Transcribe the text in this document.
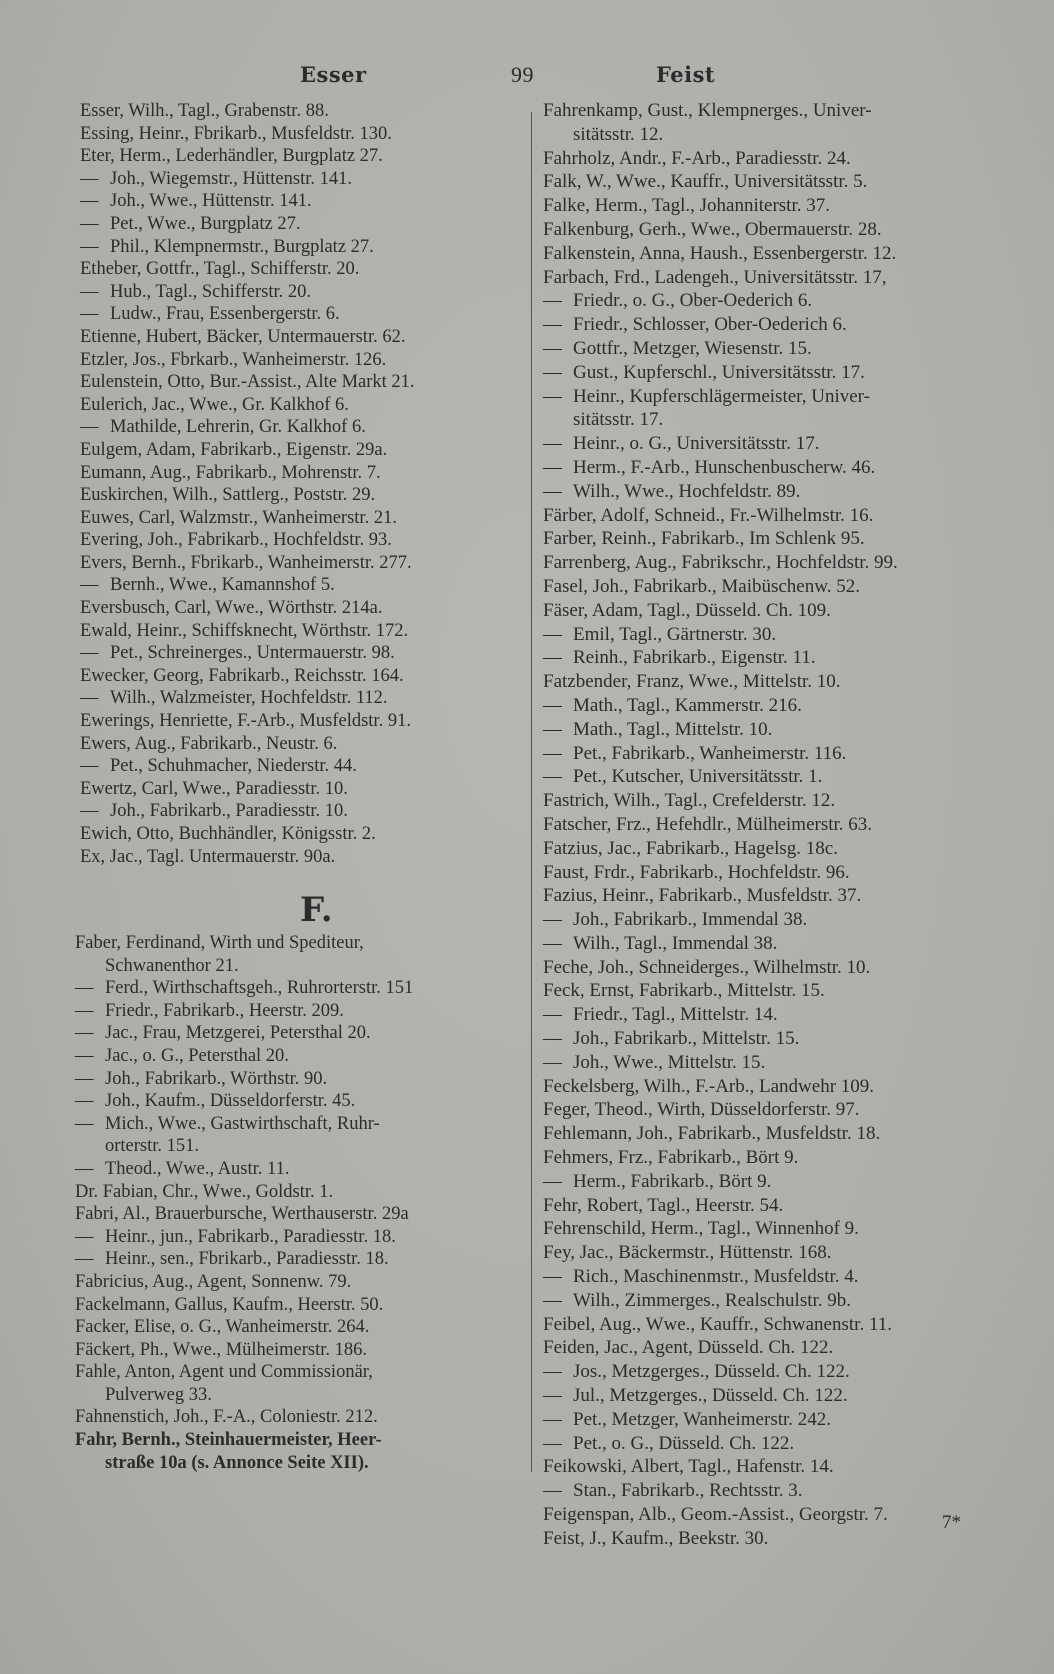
Esser	99	Feist
Esser, Wilh., Tagl., Grabenstr. 88.
Essing, Heinr., Fbrikarb., Musfeldstr. 130.
Eter, Herm., Lederhändler, Burgplatz 27.
— Joh., Wiegemstr., Hüttenstr. 141.
— Joh., Wwe., Hüttenstr. 141.
— Pet., Wwe., Burgplatz 27.
— Phil., Klempnermstr., Burgplatz 27.
Etheber, Gottfr., Tagl., Schifferstr. 20.
— Hub., Tagl., Schifferstr. 20.
— Ludw., Frau, Essenbergerstr. 6.
Etienne, Hubert, Bäcker, Untermauerstr. 62.
Etzler, Jos., Fbrkarb., Wanheimerstr. 126.
Eulenstein, Otto, Bur.-Assist., Alte Markt 21.
Eulerich, Jac., Wwe., Gr. Kalkhof 6.
— Mathilde, Lehrerin, Gr. Kalkhof 6.
Eulgem, Adam, Fabrikarb., Eigenstr. 29a.
Eumann, Aug., Fabrikarb., Mohrenstr. 7.
Euskirchen, Wilh., Sattlerg., Poststr. 29.
Euwes, Carl, Walzmstr., Wanheimerstr. 21.
Evering, Joh., Fabrikarb., Hochfeldstr. 93.
Evers, Bernh., Fbrikarb., Wanheimerstr. 277.
— Bernh., Wwe., Kamannshof 5.
Eversbusch, Carl, Wwe., Wörthstr. 214a.
Ewald, Heinr., Schiffsknecht, Wörthstr. 172.
— Pet., Schreinerges., Untermauerstr. 98.
Ewecker, Georg, Fabrikarb., Reichsstr. 164.
— Wilh., Walzmeister, Hochfeldstr. 112.
Ewerings, Henriette, F.-Arb., Musfeldstr. 91.
Ewers, Aug., Fabrikarb., Neustr. 6.
— Pet., Schuhmacher, Niederstr. 44.
Ewertz, Carl, Wwe., Paradiesstr. 10.
— Joh., Fabrikarb., Paradiesstr. 10.
Ewich, Otto, Buchhändler, Königsstr. 2.
Ex, Jac., Tagl. Untermauerstr. 90a.
F.
Faber, Ferdinand, Wirth und Spediteur,
Schwanenthor 21.
— Ferd., Wirthschaftsgeh., Ruhrorterstr. 151
— Friedr., Fabrikarb., Heerstr. 209.
— Jac., Frau, Metzgerei, Petersthal 20.
— Jac., o. G., Petersthal 20.
— Joh., Fabrikarb., Wörthstr. 90.
— Joh., Kaufm., Düsseldorferstr. 45.
— Mich., Wwe., Gastwirthschaft, Ruhr-
orterstr. 151.
— Theod., Wwe., Austr. 11.
Dr. Fabian, Chr., Wwe., Goldstr. 1.
Fabri, Al., Brauerbursche, Werthauserstr. 29a
— Heinr., jun., Fabrikarb., Paradiesstr. 18.
— Heinr., sen., Fbrikarb., Paradiesstr. 18.
Fabricius, Aug., Agent, Sonnenw. 79.
Fackelmann, Gallus, Kaufm., Heerstr. 50.
Facker, Elise, o. G., Wanheimerstr. 264.
Fäckert, Ph., Wwe., Mülheimerstr. 186.
Fahle, Anton, Agent und Commissionär,
Pulverweg 33.
Fahnenstich, Joh., F.-A., Coloniestr. 212.
Fahr, Bernh., Steinhauermeister, Heer-
straße 10a (s. Annonce Seite XII).
Fahrenkamp, Gust., Klempnerges., Univer-
sitätsstr. 12.
Fahrholz, Andr., F.-Arb., Paradiesstr. 24.
Falk, W., Wwe., Kauffr., Universitätsstr. 5.
Falke, Herm., Tagl., Johanniterstr. 37.
Falkenburg, Gerh., Wwe., Obermauerstr. 28.
Falkenstein, Anna, Haush., Essenbergerstr. 12.
Farbach, Frd., Ladengeh., Universitätsstr. 17,
— Friedr., o. G., Ober-Oederich 6.
— Friedr., Schlosser, Ober-Oederich 6.
— Gottfr., Metzger, Wiesenstr. 15.
— Gust., Kupferschl., Universitätsstr. 17.
— Heinr., Kupferschlägermeister, Univer-
sitätsstr. 17.
— Heinr., o. G., Universitätsstr. 17.
— Herm., F.-Arb., Hunschenbuscherw. 46.
— Wilh., Wwe., Hochfeldstr. 89.
Färber, Adolf, Schneid., Fr.-Wilhelmstr. 16.
Farber, Reinh., Fabrikarb., Im Schlenk 95.
Farrenberg, Aug., Fabrikschr., Hochfeldstr. 99.
Fasel, Joh., Fabrikarb., Maibüschenw. 52.
Fäser, Adam, Tagl., Düsseld. Ch. 109.
— Emil, Tagl., Gärtnerstr. 30.
— Reinh., Fabrikarb., Eigenstr. 11.
Fatzbender, Franz, Wwe., Mittelstr. 10.
— Math., Tagl., Kammerstr. 216.
— Math., Tagl., Mittelstr. 10.
— Pet., Fabrikarb., Wanheimerstr. 116.
— Pet., Kutscher, Universitätsstr. 1.
Fastrich, Wilh., Tagl., Crefelderstr. 12.
Fatscher, Frz., Hefehdlr., Mülheimerstr. 63.
Fatzius, Jac., Fabrikarb., Hagelsg. 18c.
Faust, Frdr., Fabrikarb., Hochfeldstr. 96.
Fazius, Heinr., Fabrikarb., Musfeldstr. 37.
— Joh., Fabrikarb., Immendal 38.
— Wilh., Tagl., Immendal 38.
Feche, Joh., Schneiderges., Wilhelmstr. 10.
Feck, Ernst, Fabrikarb., Mittelstr. 15.
— Friedr., Tagl., Mittelstr. 14.
— Joh., Fabrikarb., Mittelstr. 15.
— Joh., Wwe., Mittelstr. 15.
Feckelsberg, Wilh., F.-Arb., Landwehr 109.
Feger, Theod., Wirth, Düsseldorferstr. 97.
Fehlemann, Joh., Fabrikarb., Musfeldstr. 18.
Fehmers, Frz., Fabrikarb., Bört 9.
— Herm., Fabrikarb., Bört 9.
Fehr, Robert, Tagl., Heerstr. 54.
Fehrenschild, Herm., Tagl., Winnenhof 9.
Fey, Jac., Bäckermstr., Hüttenstr. 168.
— Rich., Maschinenmstr., Musfeldstr. 4.
— Wilh., Zimmerges., Realschulstr. 9b.
Feibel, Aug., Wwe., Kauffr., Schwanenstr. 11.
Feiden, Jac., Agent, Düsseld. Ch. 122.
— Jos., Metzgerges., Düsseld. Ch. 122.
— Jul., Metzgerges., Düsseld. Ch. 122.
— Pet., Metzger, Wanheimerstr. 242.
— Pet., o. G., Düsseld. Ch. 122.
Feikowski, Albert, Tagl., Hafenstr. 14.
— Stan., Fabrikarb., Rechtsstr. 3.
Feigenspan, Alb., Geom.-Assist., Georgstr. 7.
Feist, J., Kaufm., Beekstr. 30.
7*
